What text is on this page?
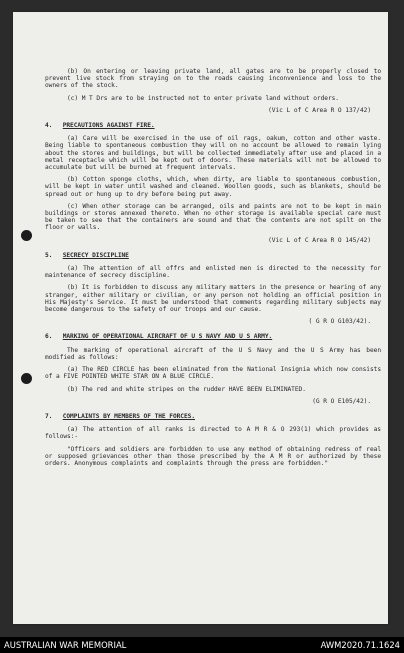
(b) On entering or leaving private land, all gates are to be properly closed to prevent live stock from straying on to the roads causing inconvenience and loss to the owners of the stock.

(c) M T Drs are to be instructed not to enter private land without orders.

(Vic L of C Area R O 137/42)
4. PRECAUTIONS AGAINST FIRE.

(a) Care will be exercised in the use of oil rags, oakum, cotton and other waste. Being liable to spontaneous combustion they will on no account be allowed to remain lying about the stores and buildings, but will be collected immediately after use and placed in a metal receptacle which will be kept out of doors. These materials will not be allowed to accumulate but will be burned at frequent intervals.

(b) Cotton sponge cloths, which, when dirty, are liable to spontaneous combustion, will be kept in water until washed and cleaned. Woollen goods, such as blankets, should be spread out or hung up to dry before being put away.

(c) When other storage can be arranged, oils and paints are not to be kept in main buildings or stores annexed thereto. When no other storage is available special care must be taken to see that the containers are sound and that the contents are not spilt on the floor or walls.

(Vic L of C Area R O 145/42)
5. SECRECY DISCIPLINE

(a) The attention of all offrs and enlisted men is directed to the necessity for maintenance of secrecy discipline.

(b) It is forbidden to discuss any military matters in the presence or hearing of any stranger, either military or civilian, or any person not holding an official position in His Majesty's Service. It must be understood that comments regarding military subjects may become dangerous to the safety of our troops and our cause.

( G R O G103/42).
6. MARKING OF OPERATIONAL AIRCRAFT OF U S NAVY AND U S ARMY.

The marking of operational aircraft of the U S Navy and the U S Army has been modified as follows:

(a) The RED CIRCLE has been eliminated from the National Insignia which now consists of a FIVE POINTED WHITE STAR ON A BLUE CIRCLE.

(b) The red and white stripes on the rudder HAVE BEEN ELIMINATED.

(G R O E105/42).
7. COMPLAINTS BY MEMBERS OF THE FORCES.

(a) The attention of all ranks is directed to A M R & O 293(1) which provides as follows:-

"Officers and soldiers are forbidden to use any method of obtaining redress of real or supposed grievances other than those prescribed by the A M R or authorized by these orders. Anonymous complaints and complaints through the press are forbidden."

AUSTRALIAN WAR MEMORIAL	AWM2020.71.1624
